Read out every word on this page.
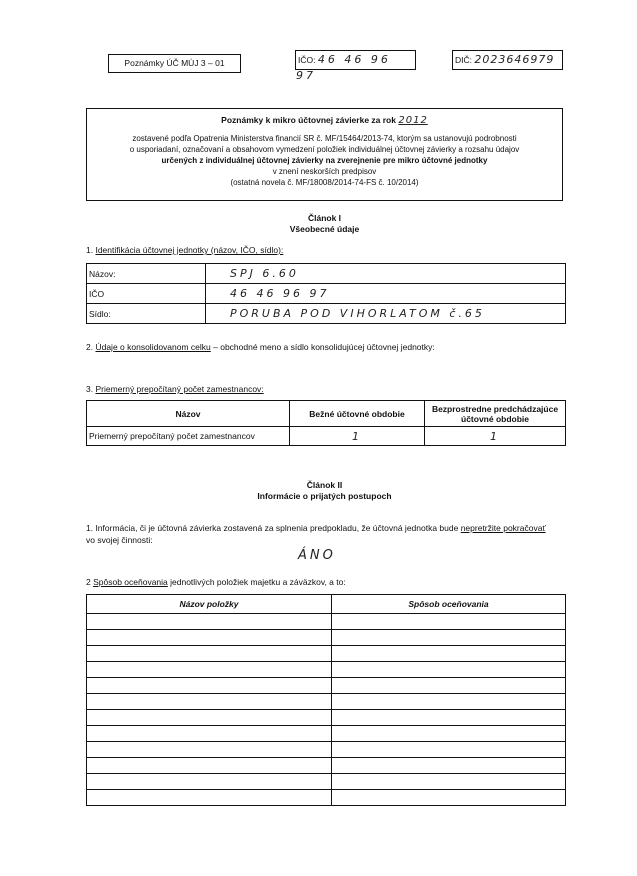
Poznámky ÚČ MÚJ 3 – 01	IČO: 46 46 96 97
DIČ: 2023646979
Poznámky k mikro účtovnej závierke za rok 2012
zostavené podľa Opatrenia Ministerstva financií SR č. MF/15464/2013-74, ktorým sa ustanovujú podrobnosti
o usporiadaní, označovaní a obsahovom vymedzení položiek individuálnej účtovnej závierky a rozsahu údajov
určených z individuálnej účtovnej závierky na zverejnenie pre mikro účtovné jednotky
v znení neskorších predpisov
(ostatná novela č. MF/18008/2014-74-FS č. 10/2014)
Článok I
Všeobecné údaje
1. Identifikácia účtovnej jednotky (názov, IČO, sídlo):
Názov:	SPJ 6.60
IČO	46 46 96 97
Sídlo:	PORUBA POD VIHORLATOM č.65
2. Údaje o konsolidovanom celku – obchodné meno a sídlo konsolidujúcej účtovnej jednotky:
3. Priemerný prepočítaný počet zamestnancov:
Názov	Bežné účtovné obdobie	Bezprostredne predchádzajúce účtovné obdobie
Priemerný prepočítaný počet zamestnancov	1	1
Článok II
Informácie o prijatých postupoch
1. Informácia, či je účtovná závierka zostavená za splnenia predpokladu, že účtovná jednotka bude nepretržite pokračovať
vo svojej činnosti:
ÁNO
2 Spôsob oceňovania jednotlivých položiek majetku a záväzkov, a to:
Názov položky	Spôsob oceňovania
